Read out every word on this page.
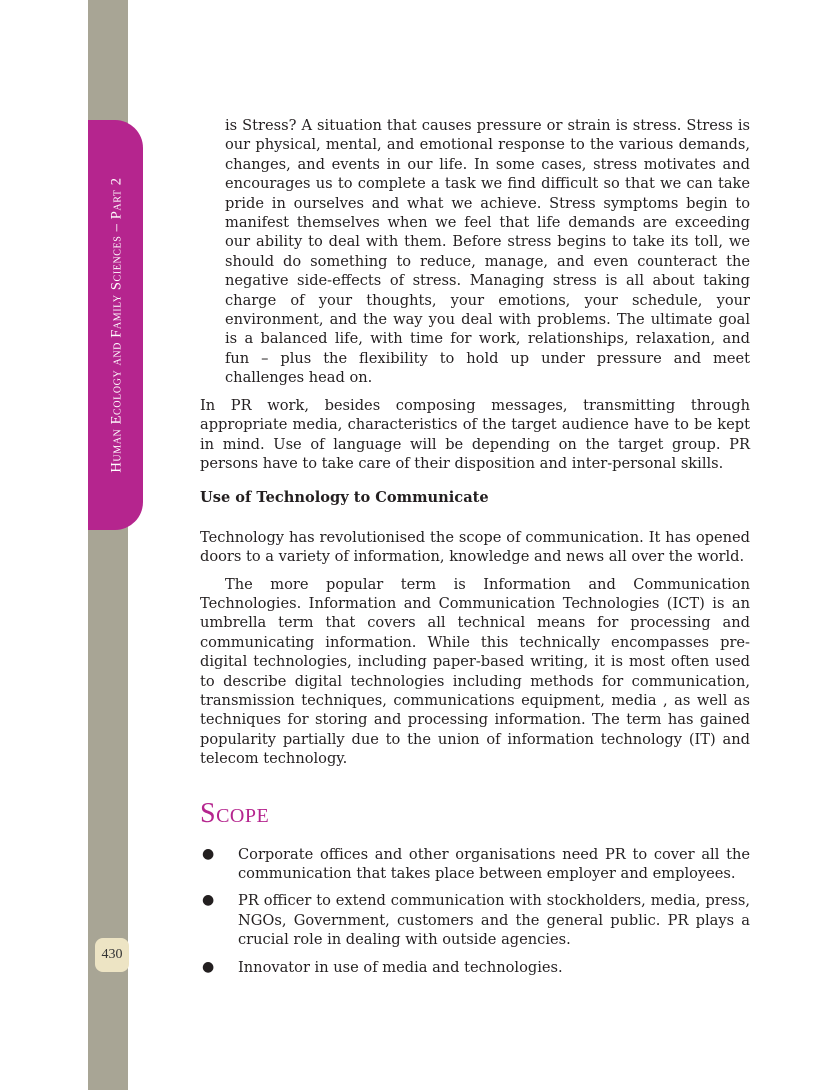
Human Ecology and Family Sciences – Part 2
430

is Stress? A situation that causes pressure or strain is stress. Stress is our physical, mental, and emotional response to the various demands, changes, and events in our life. In some cases, stress motivates and encourages us to complete a task we find difficult so that we can take pride in ourselves and what we achieve. Stress symptoms begin to manifest themselves when we feel that life demands are exceeding our ability to deal with them. Before stress begins to take its toll, we should do something to reduce, manage, and even counteract the negative side-effects of stress. Managing stress is all about taking charge of your thoughts, your emotions, your schedule, your environment, and the way you deal with problems. The ultimate goal is a balanced life, with time for work, relationships, relaxation, and fun – plus the flexibility to hold up under pressure and meet challenges head on.

In PR work, besides composing messages, transmitting through appropriate media, characteristics of the target audience have to be kept in mind. Use of language will be depending on the target group. PR persons have to take care of their disposition and inter-personal skills.

Use of Technology to Communicate

Technology has revolutionised the scope of communication. It has opened doors to a variety of information, knowledge and news all over the world.

The more popular term is Information and Communication Technologies. Information and Communication Technologies (ICT) is an umbrella term that covers all technical means for processing and communicating information. While this technically encompasses pre-digital technologies, including paper-based writing, it is most often used to describe digital technologies including methods for communication, transmission techniques, communications equipment, media , as well as techniques for storing and processing information. The term has gained popularity partially due to the union of information technology (IT) and telecom technology.

Scope
● Corporate offices and other organisations need PR to cover all the communication that takes place between employer and employees.
● PR officer to extend communication with stockholders, media, press, NGOs, Government, customers and the general public. PR plays a crucial role in dealing with outside agencies.
● Innovator in use of media and technologies.
